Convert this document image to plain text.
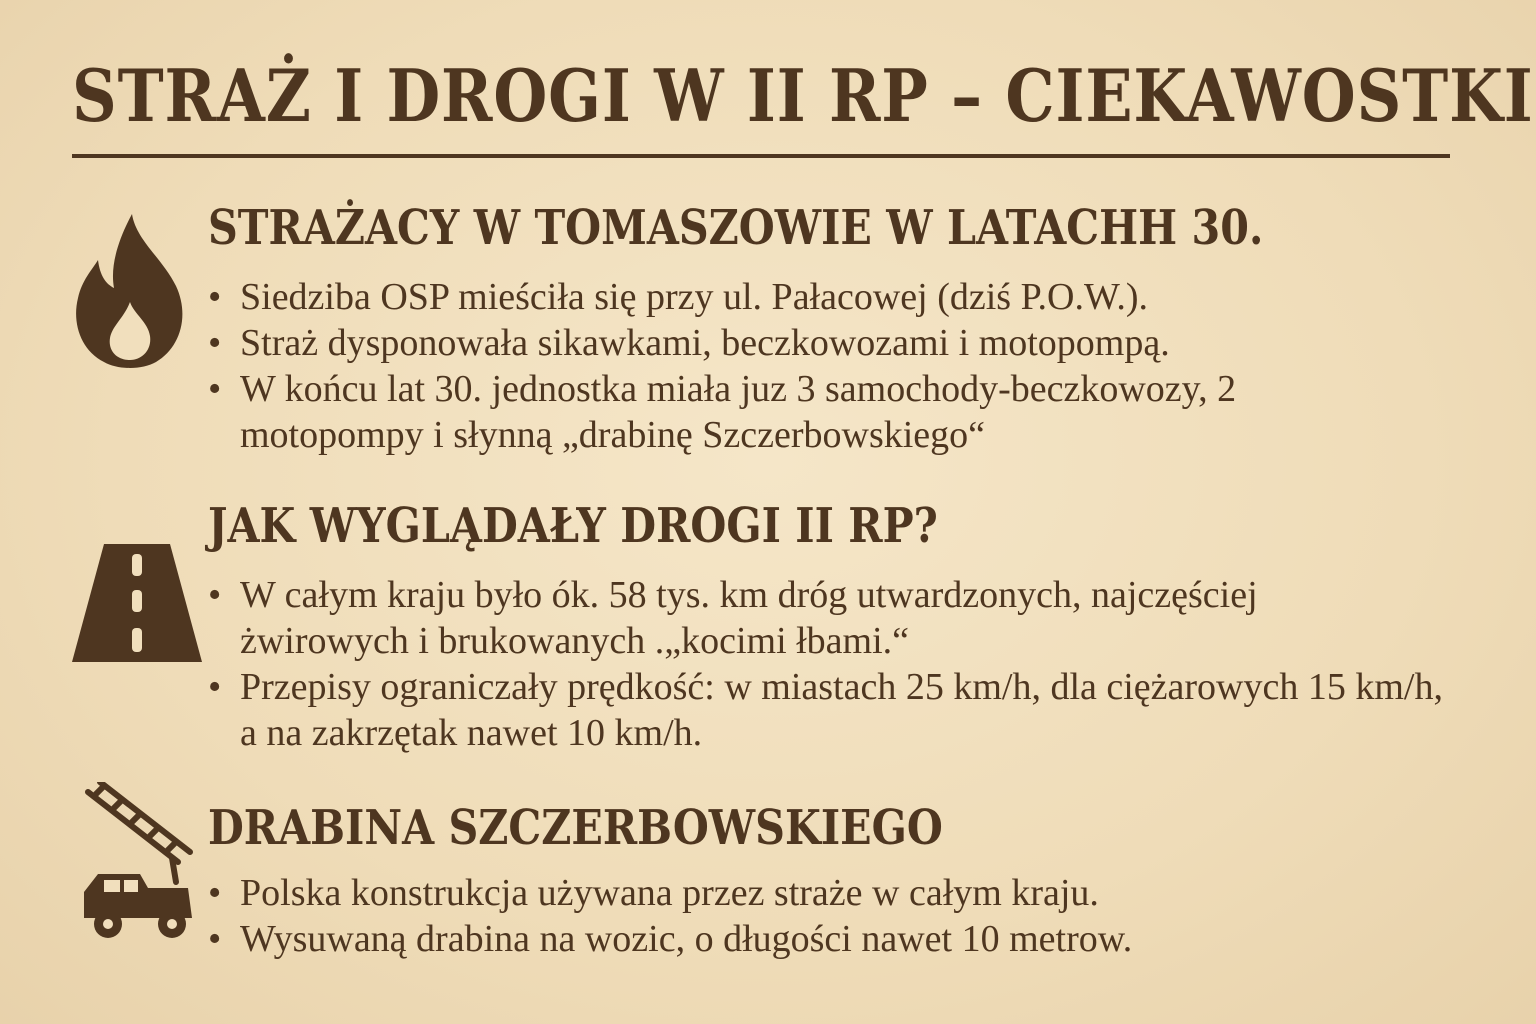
STRAŻ I DROGI W II RP – CIEKAWOSTKI
STRAŻACY W TOMASZOWIE W LATACHH 30.
• Siedziba OSP mieściła się przy ul. Pałacowej (dziś P.O.W.).
• Straż dysponowała sikawkami, beczkowozami i motopompą.
• W końcu lat 30. jednostka miała juz 3 samochody-beczkowozy, 2 motopompy i słynną „drabinę Szczerbowskiego“
JAK WYGLĄDAŁY DROGI II RP?
• W całym kraju było ók. 58 tys. km dróg utwardzonych, najczęściej żwirowych i brukowanych .„kocimi łbami.“
• Przepisy ograniczały prędkość: w miastach 25 km/h, dla ciężarowych 15 km/h, a na zakrzętak nawet 10 km/h.
DRABINA SZCZERBOWSKIEGO
• Polska konstrukcja używana przez straże w całym kraju.
• Wysuwaną drabina na wozic, o długości nawet 10 metrow.
